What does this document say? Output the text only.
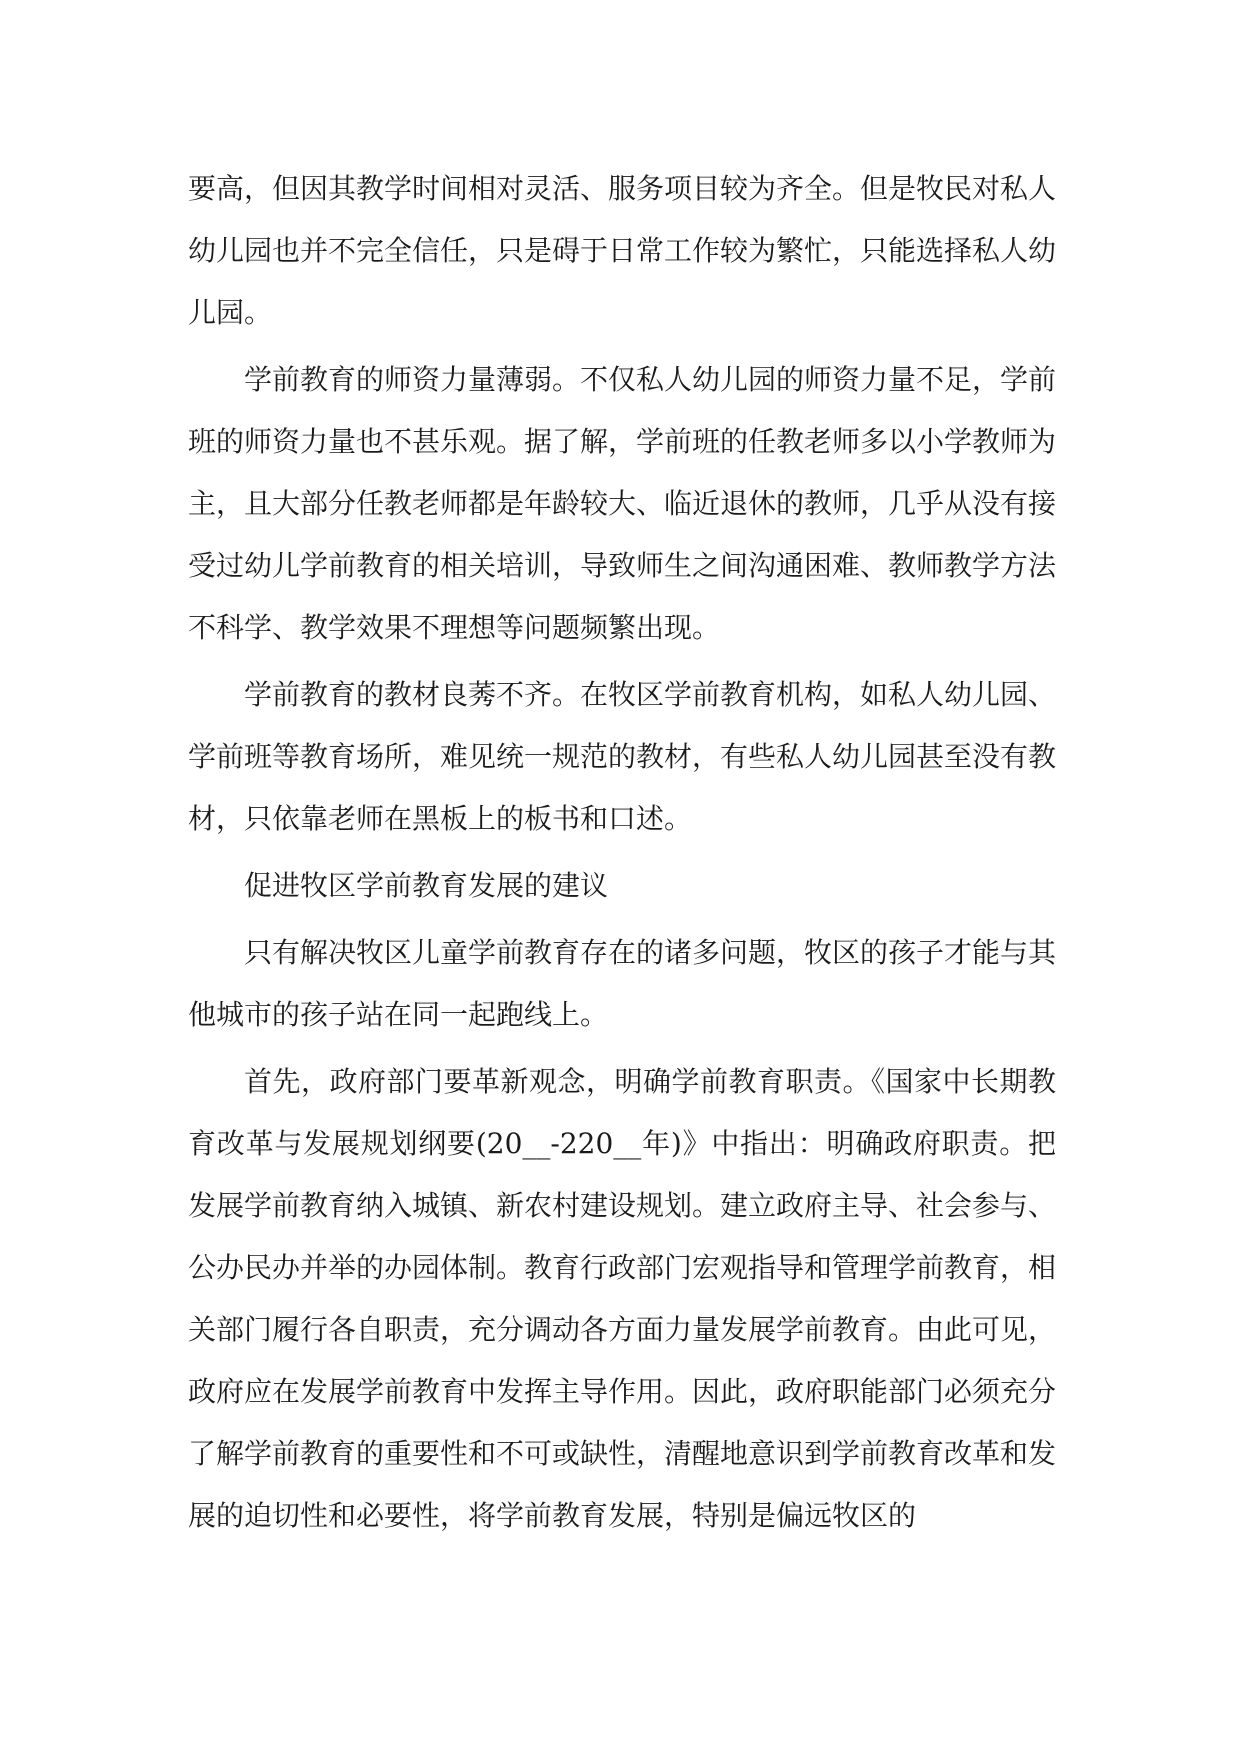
要高，但因其教学时间相对灵活、服务项目较为齐全。但是牧民对私人幼儿园也并不完全信任，只是碍于日常工作较为繁忙，只能选择私人幼儿园。

学前教育的师资力量薄弱。不仅私人幼儿园的师资力量不足，学前班的师资力量也不甚乐观。据了解，学前班的任教老师多以小学教师为主，且大部分任教老师都是年龄较大、临近退休的教师，几乎从没有接受过幼儿学前教育的相关培训，导致师生之间沟通困难、教师教学方法不科学、教学效果不理想等问题频繁出现。

学前教育的教材良莠不齐。在牧区学前教育机构，如私人幼儿园、学前班等教育场所，难见统一规范的教材，有些私人幼儿园甚至没有教材，只依靠老师在黑板上的板书和口述。

促进牧区学前教育发展的建议

只有解决牧区儿童学前教育存在的诸多问题，牧区的孩子才能与其他城市的孩子站在同一起跑线上。

首先，政府部门要革新观念，明确学前教育职责。《国家中长期教育改革与发展规划纲要(20__-220__年)》中指出：明确政府职责。把发展学前教育纳入城镇、新农村建设规划。建立政府主导、社会参与、公办民办并举的办园体制。教育行政部门宏观指导和管理学前教育，相关部门履行各自职责，充分调动各方面力量发展学前教育。由此可见，政府应在发展学前教育中发挥主导作用。因此，政府职能部门必须充分了解学前教育的重要性和不可或缺性，清醒地意识到学前教育改革和发展的迫切性和必要性，将学前教育发展，特别是偏远牧区的
